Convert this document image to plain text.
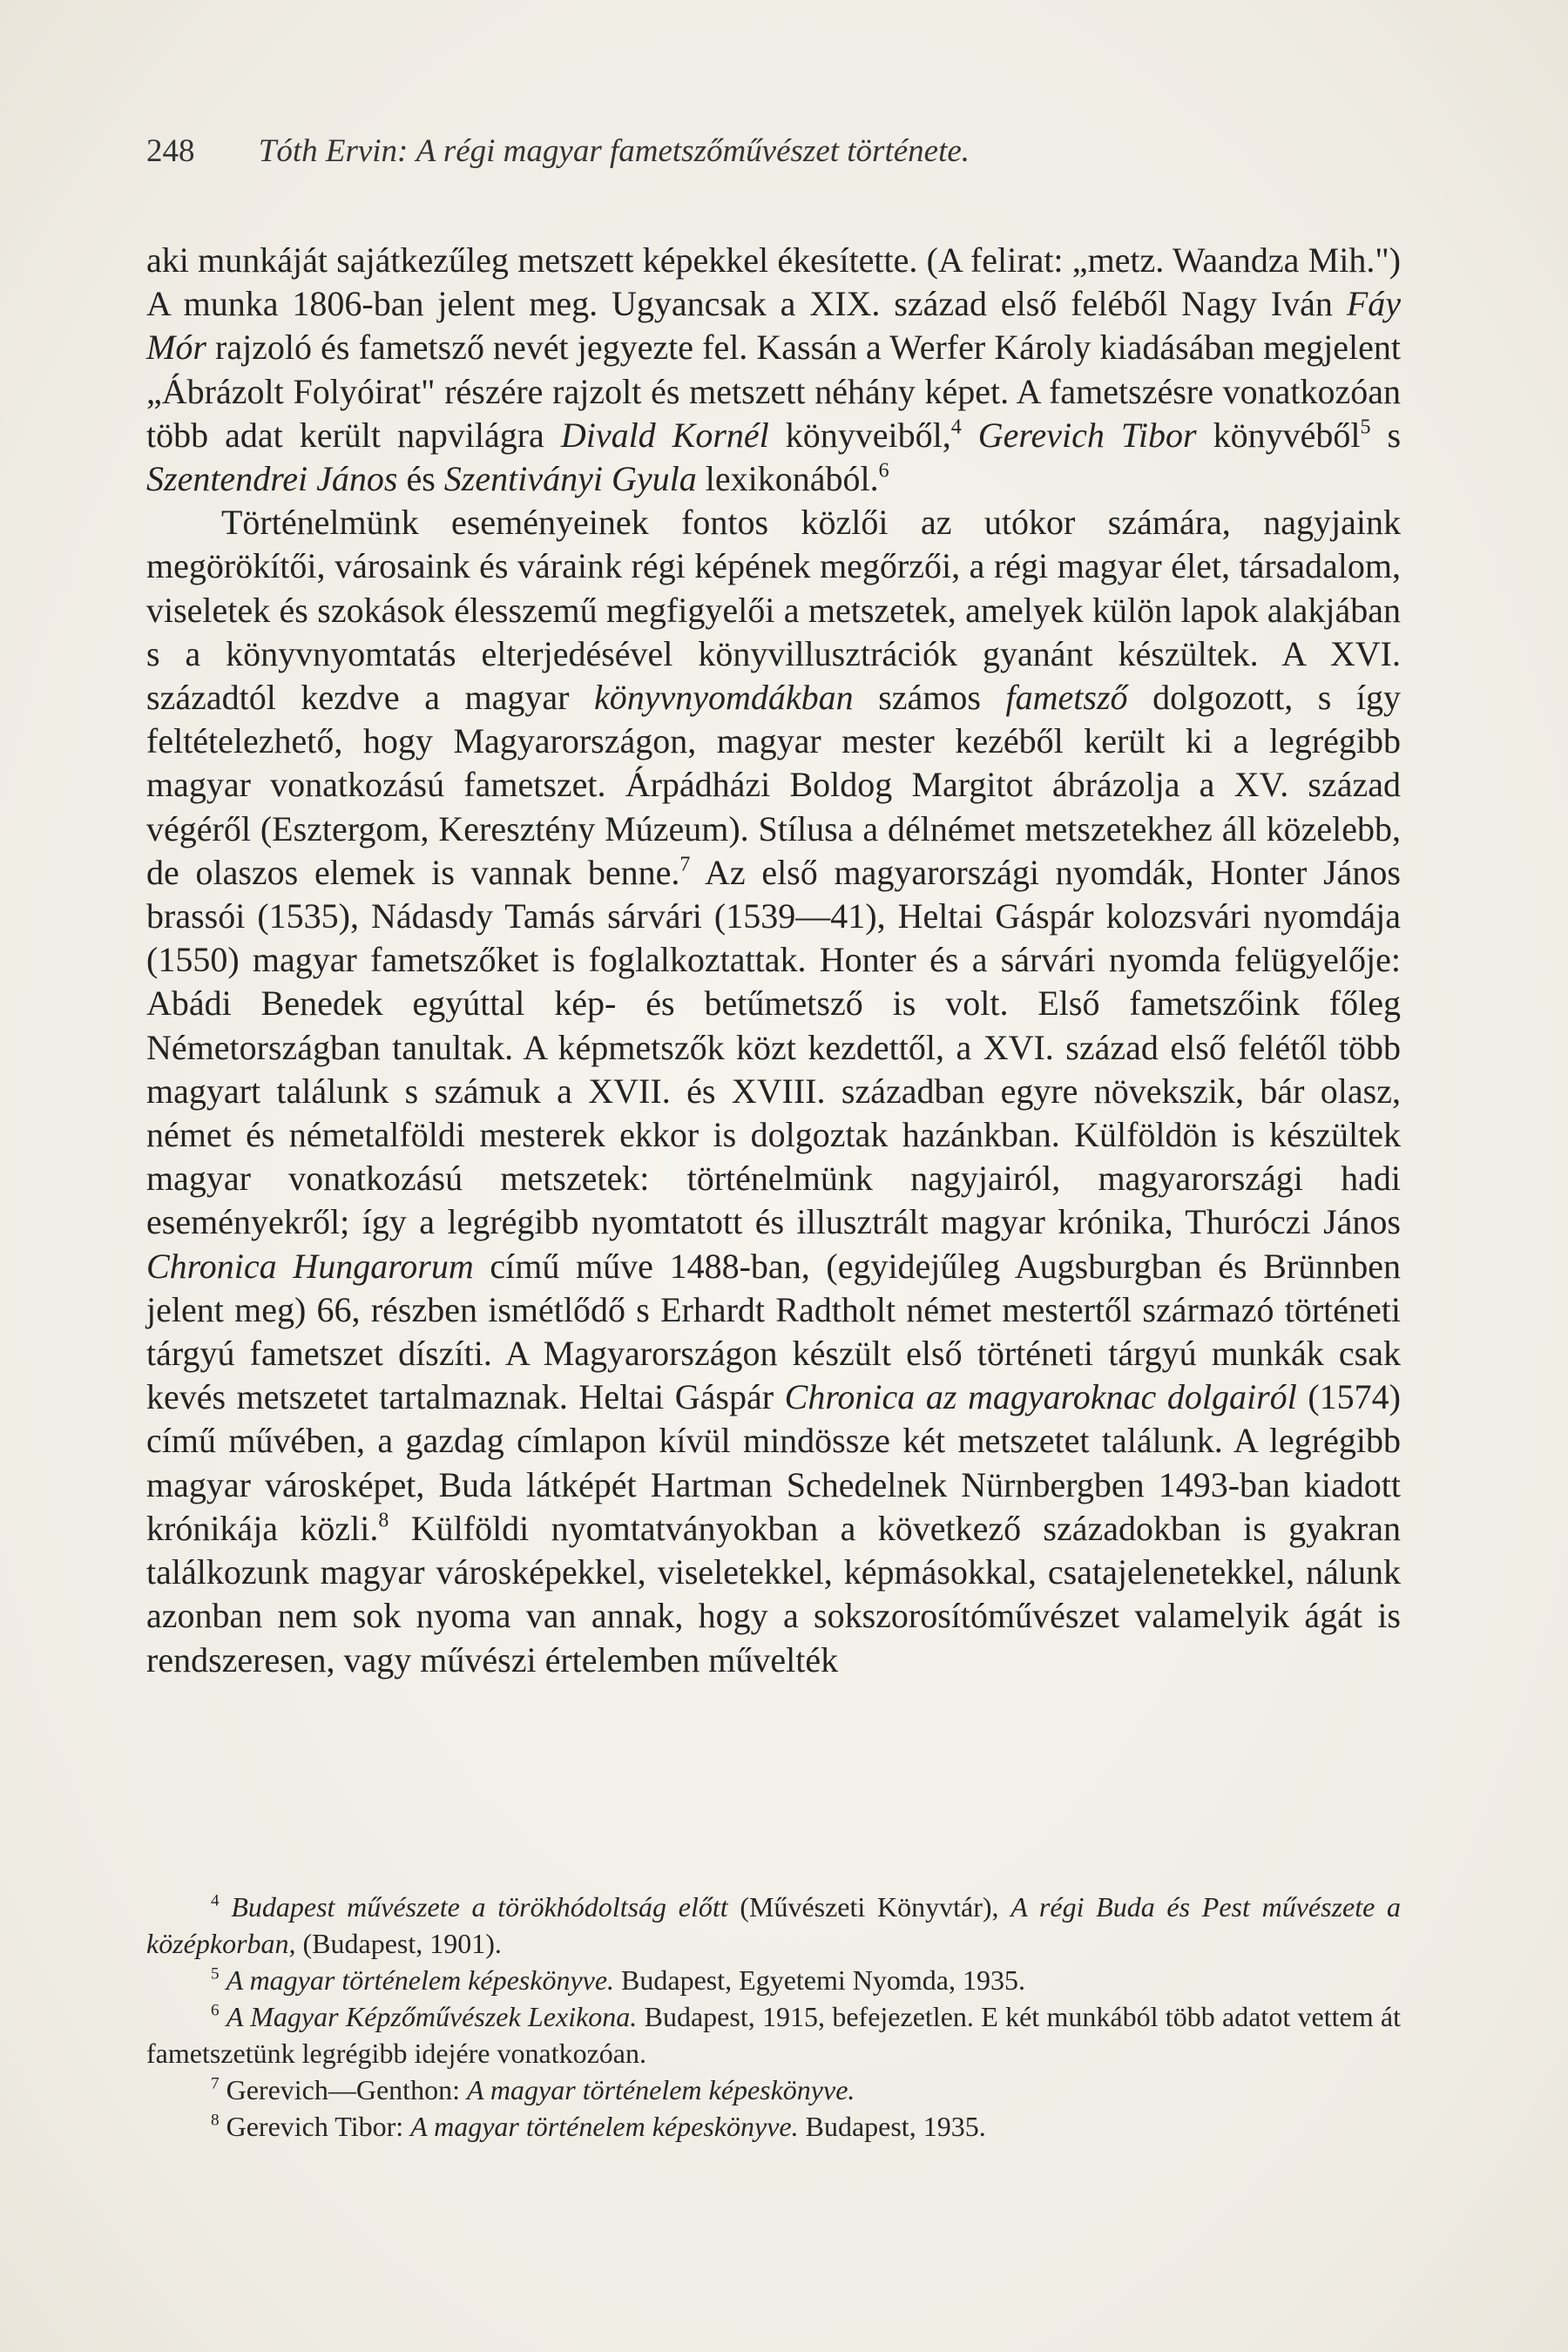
248 Tóth Ervin: A régi magyar fametszőművészet története.

aki munkáját sajátkezűleg metszett képekkel ékesítette. (A felirat: „metz. Waandza Mih.") A munka 1806-ban jelent meg. Ugyancsak a XIX. század első feléből Nagy Iván Fáy Mór rajzoló és fametsző nevét jegyezte fel. Kassán a Werfer Károly kiadásában megjelent „Ábrázolt Folyóirat" részére rajzolt és metszett néhány képet. A fametszésre vonatkozóan több adat került napvilágra Divald Kornél könyveiből,$^4$ Gerevich Tibor könyvéből$^5$ s Szentendrei János és Szentiványi Gyula lexikonából.$^6$

Történelmünk eseményeinek fontos közlői az utókor számára, nagyjaink megörökítői, városaink és váraink régi képének megőrzői, a régi magyar élet, társadalom, viseletek és szokások élesszemű megfigyelői a metszetek, amelyek külön lapok alakjában s a könyvnyomtatás elterjedésével könyvillusztrációk gyanánt készültek. A XVI. századtól kezdve a magyar könyvnyomdákban számos fametsző dolgozott, s így feltételezhető, hogy Magyarországon, magyar mester kezéből került ki a legrégibb magyar vonatkozású fametszet. Árpádházi Boldog Margitot ábrázolja a XV. század végéről (Esztergom, Keresztény Múzeum). Stílusa a délnémet metszetekhez áll közelebb, de olaszos elemek is vannak benne.$^7$ Az első magyarországi nyomdák, Honter János brassói (1535), Nádasdy Tamás sárvári (1539—41), Heltai Gáspár kolozsvári nyomdája (1550) magyar fametszőket is foglalkoztattak. Honter és a sárvári nyomda felügyelője: Abádi Benedek egyúttal kép- és betűmetsző is volt. Első fametszőink főleg Németországban tanultak. A képmetszők közt kezdettől, a XVI. század első felétől több magyart találunk s számuk a XVII. és XVIII. században egyre növekszik, bár olasz, német és németalföldi mesterek ekkor is dolgoztak hazánkban. Külföldön is készültek magyar vonatkozású metszetek: történelmünk nagyjairól, magyarországi hadi eseményekről; így a legrégibb nyomtatott és illusztrált magyar krónika, Thuróczi János Chronica Hungarorum című műve 1488-ban, (egyidejűleg Augsburgban és Brünnben jelent meg) 66, részben ismétlődő s Erhardt Radtholt német mestertől származó történeti tárgyú fametszet díszíti. A Magyarországon készült első történeti tárgyú munkák csak kevés metszetet tartalmaznak. Heltai Gáspár Chronica az magyaroknac dolgairól (1574) című művében, a gazdag címlapon kívül mindössze két metszetet találunk. A legrégibb magyar városképet, Buda látképét Hartman Schedelnek Nürnbergben 1493-ban kiadott krónikája közli.$^8$ Külföldi nyomtatványokban a következő századokban is gyakran találkozunk magyar városképekkel, viseletekkel, képmásokkal, csatajelenetekkel, nálunk azonban nem sok nyoma van annak, hogy a sokszorosítóművészet valamelyik ágát is rendszeresen, vagy művészi értelemben művelték

$^4$ Budapest művészete a törökhódoltság előtt (Művészeti Könyvtár), A régi Buda és Pest művészete a középkorban, (Budapest, 1901).

$^5$ A magyar történelem képeskönyve. Budapest, Egyetemi Nyomda, 1935.

$^6$ A Magyar Képzőművészek Lexikona. Budapest, 1915, befejezetlen. E két munkából több adatot vettem át fametszetünk legrégibb idejére vonatkozóan.

$^7$ Gerevich—Genthon: A magyar történelem képeskönyve.

$^8$ Gerevich Tibor: A magyar történelem képeskönyve. Budapest, 1935.
